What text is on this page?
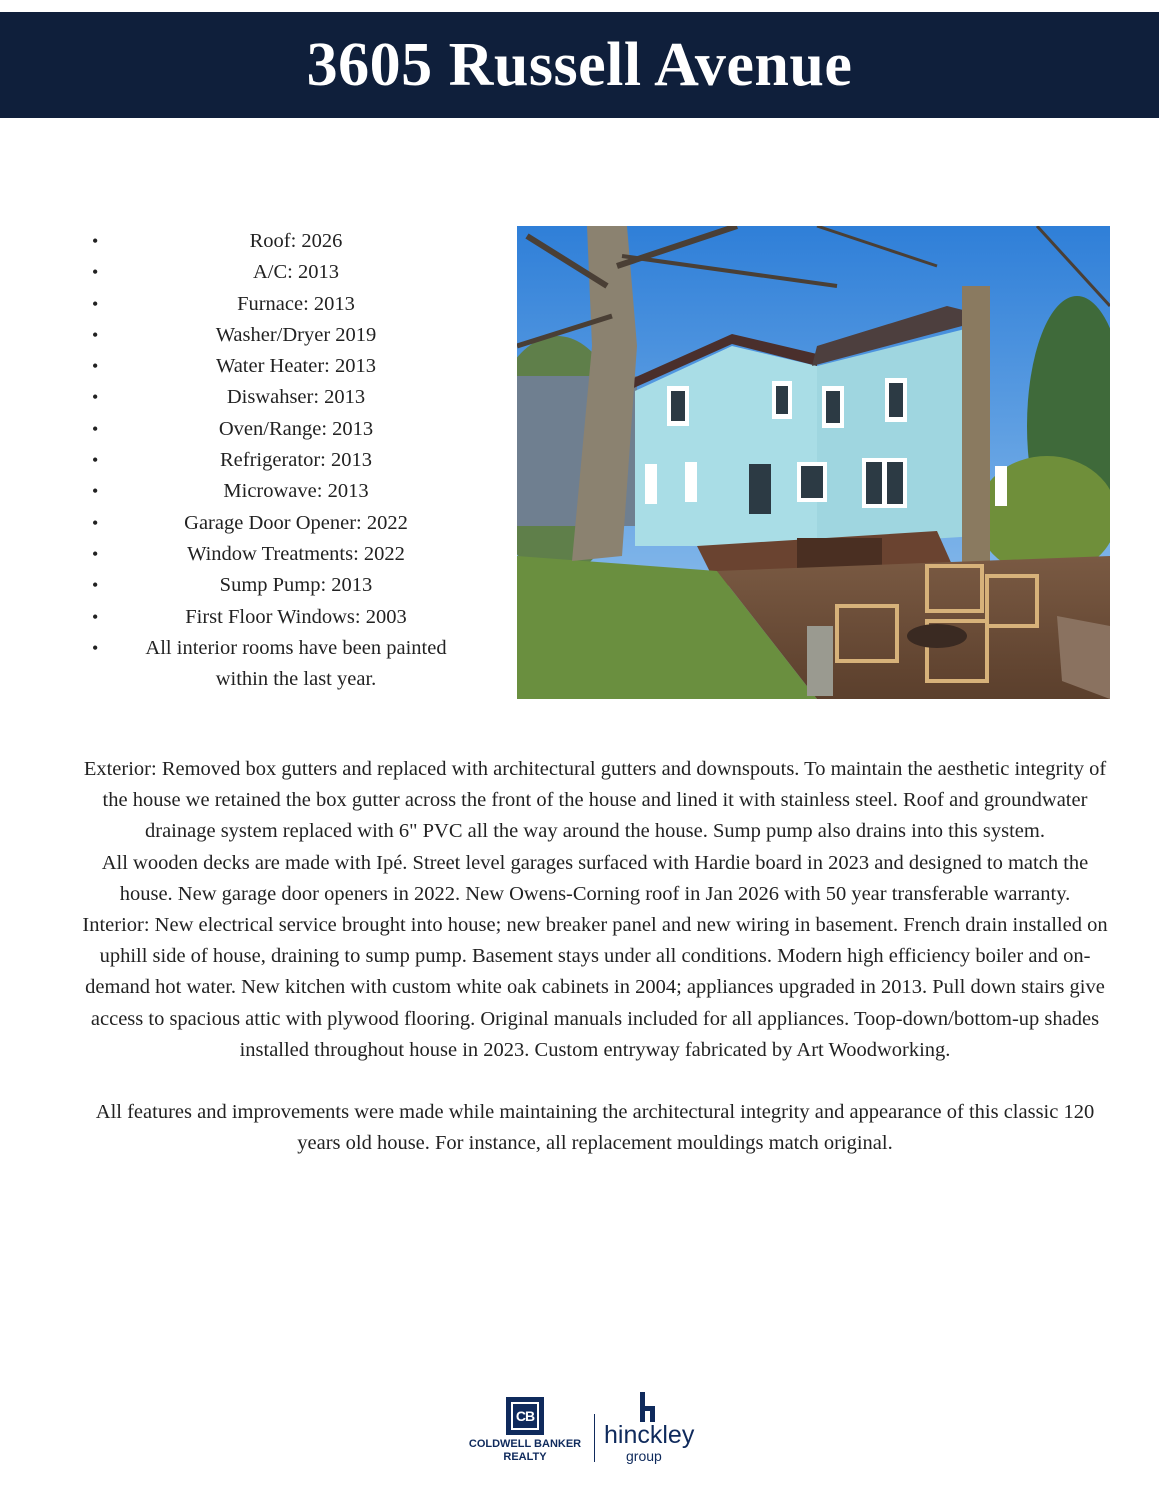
3605 Russell Avenue
•	Roof: 2026
•	A/C: 2013
•	Furnace: 2013
•	Washer/Dryer 2019
•	Water Heater: 2013
•	Diswahser: 2013
•	Oven/Range: 2013
•	Refrigerator: 2013
•	Microwave: 2013
•	Garage Door Opener: 2022
•	Window Treatments: 2022
•	Sump Pump: 2013
•	First Floor Windows: 2003
• All interior rooms have been painted within the last year.

Exterior: Removed box gutters and replaced with architectural gutters and downspouts. To maintain the aesthetic integrity of the house we retained the box gutter across the front of the house and lined it with stainless steel. Roof and groundwater drainage system replaced with 6" PVC all the way around the house. Sump pump also drains into this system.

All wooden decks are made with Ipé. Street level garages surfaced with Hardie board in 2023 and designed to match the house. New garage door openers in 2022. New Owens-Corning roof in Jan 2026 with 50 year transferable warranty.

Interior: New electrical service brought into house; new breaker panel and new wiring in basement. French drain installed on uphill side of house, draining to sump pump. Basement stays under all conditions. Modern high efficiency boiler and on-demand hot water. New kitchen with custom white oak cabinets in 2004; appliances upgraded in 2013. Pull down stairs give access to spacious attic with plywood flooring. Original manuals included for all appliances. Toop-down/bottom-up shades installed throughout house in 2023. Custom entryway fabricated by Art Woodworking.

All features and improvements were made while maintaining the architectural integrity and appearance of this classic 120 years old house. For instance, all replacement mouldings match original.

CB
COLDWELL BANKER
REALTY
hinckley
group
